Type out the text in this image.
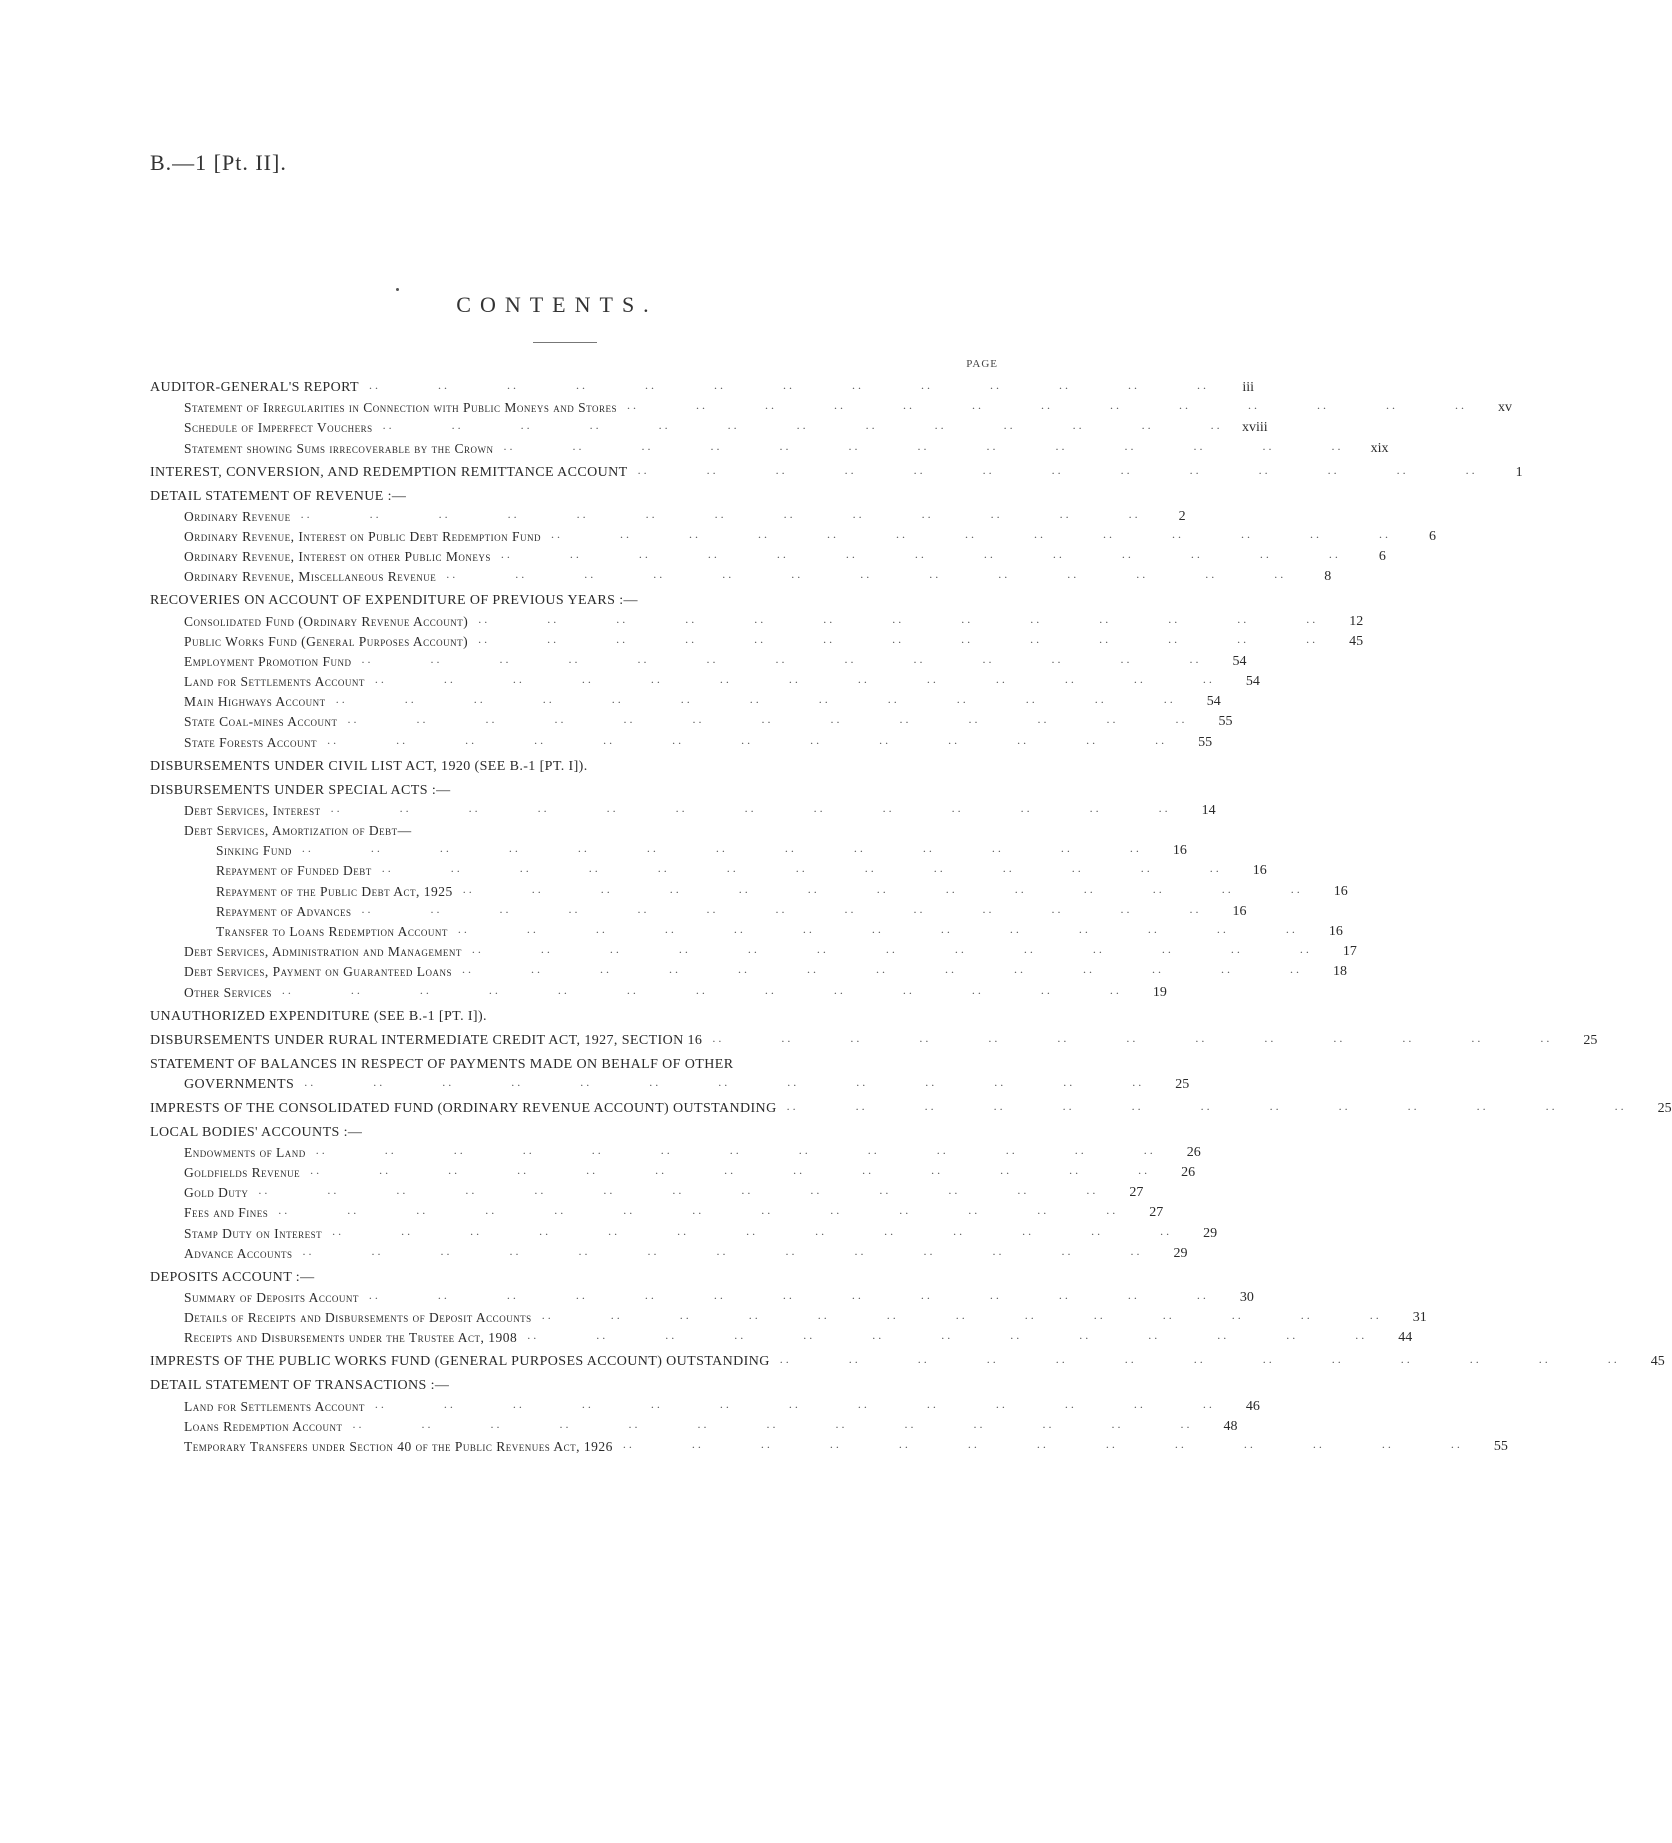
B.—1 [Pt. II].
CONTENTS.
PAGE
AUDITOR-GENERAL'S REPORT . .	iii
Statement of Irregularities in Connection with Public Moneys and Stores . .	xv
Schedule of Imperfect Vouchers . .	xviii
Statement showing Sums irrecoverable by the Crown . .	xix
INTEREST, CONVERSION, AND REDEMPTION REMITTANCE ACCOUNT . .	1
DETAIL STATEMENT OF REVENUE :—
Ordinary Revenue . .	2
Ordinary Revenue, Interest on Public Debt Redemption Fund . .	6
Ordinary Revenue, Interest on other Public Moneys . .	6
Ordinary Revenue, Miscellaneous Revenue . .	8
RECOVERIES ON ACCOUNT OF EXPENDITURE OF PREVIOUS YEARS :—
Consolidated Fund (Ordinary Revenue Account) . .	12
Public Works Fund (General Purposes Account) . .	45
Employment Promotion Fund . .	54
Land for Settlements Account . .	54
Main Highways Account . .	54
State Coal-mines Account . .	55
State Forests Account . .	55
DISBURSEMENTS UNDER CIVIL LIST ACT, 1920 (SEE B.-1 [PT. I]).
DISBURSEMENTS UNDER SPECIAL ACTS :—
Debt Services, Interest . .	14
Debt Services, Amortization of Debt—
Sinking Fund . .	16
Repayment of Funded Debt . .	16
Repayment of the Public Debt Act, 1925 . .	16
Repayment of Advances . .	16
Transfer to Loans Redemption Account . .	16
Debt Services, Administration and Management . .	17
Debt Services, Payment on Guaranteed Loans . .	18
Other Services . .	19
UNAUTHORIZED EXPENDITURE (SEE B.-1 [PT. I]).
DISBURSEMENTS UNDER RURAL INTERMEDIATE CREDIT ACT, 1927, SECTION 16 . .	25
STATEMENT OF BALANCES IN RESPECT OF PAYMENTS MADE ON BEHALF OF OTHER
GOVERNMENTS . .	25
IMPRESTS OF THE CONSOLIDATED FUND (ORDINARY REVENUE ACCOUNT) OUTSTANDING . .	25
LOCAL BODIES' ACCOUNTS :—
Endowments of Land . .	26
Goldfields Revenue . .	26
Gold Duty . .	27
Fees and Fines . .	27
Stamp Duty on Interest . .	29
Advance Accounts . .	29
DEPOSITS ACCOUNT :—
Summary of Deposits Account . .	30
Details of Receipts and Disbursements of Deposit Accounts . .	31
Receipts and Disbursements under the Trustee Act, 1908 . .	44
IMPRESTS OF THE PUBLIC WORKS FUND (GENERAL PURPOSES ACCOUNT) OUTSTANDING . .	45
DETAIL STATEMENT OF TRANSACTIONS :—
Land for Settlements Account . .	46
Loans Redemption Account . .	48
Temporary Transfers under Section 40 of the Public Revenues Act, 1926 . .	55
